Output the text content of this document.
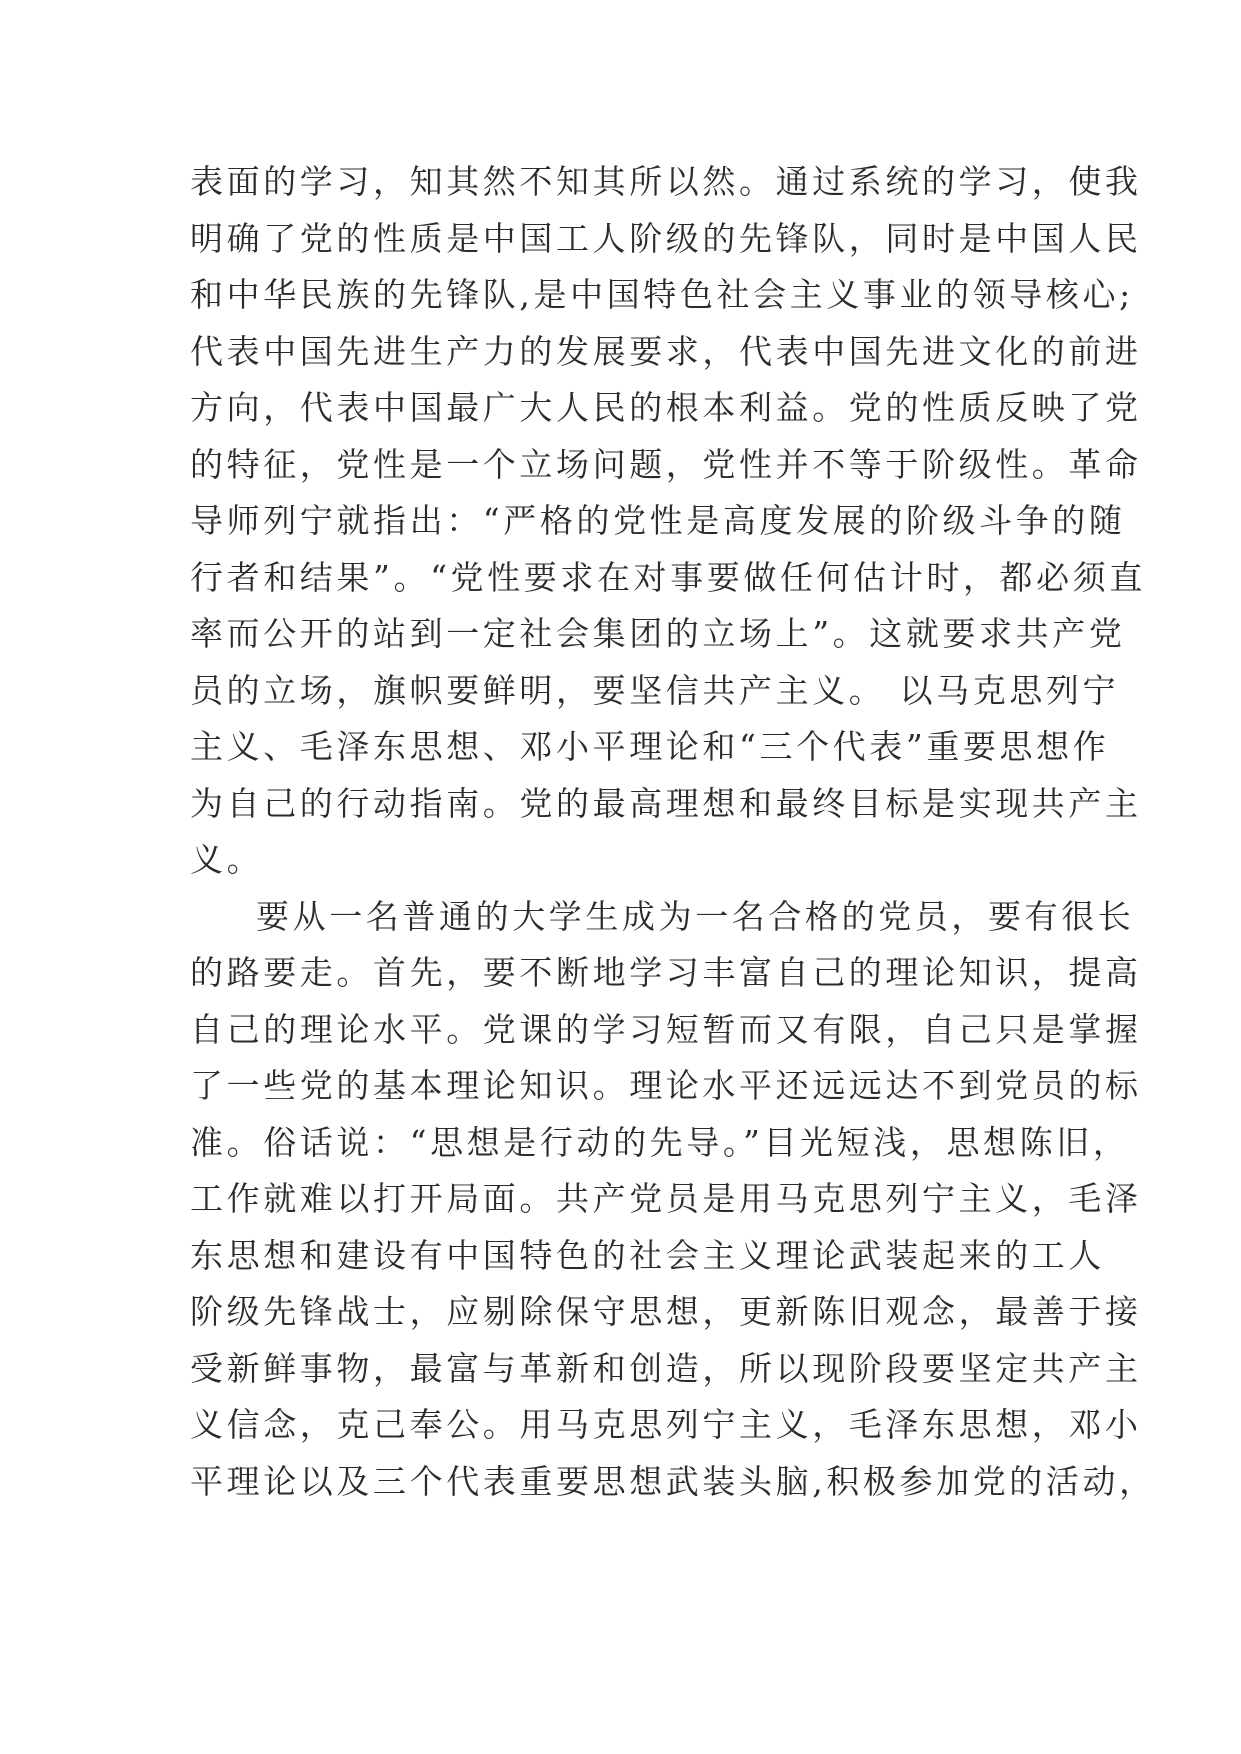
表面的学习，知其然不知其所以然。通过系统的学习，使我
明确了党的性质是中国工人阶级的先锋队，同时是中国人民
和中华民族的先锋队,是中国特色社会主义事业的领导核心;
代表中国先进生产力的发展要求，代表中国先进文化的前进
方向，代表中国最广大人民的根本利益。党的性质反映了党
的特征，党性是一个立场问题，党性并不等于阶级性。革命
导师列宁就指出：“严格的党性是高度发展的阶级斗争的随
行者和结果”。“党性要求在对事要做任何估计时，都必须直
率而公开的站到一定社会集团的立场上”。这就要求共产党
员的立场，旗帜要鲜明，要坚信共产主义。 以马克思列宁
主义、毛泽东思想、邓小平理论和“三个代表”重要思想作
为自己的行动指南。党的最高理想和最终目标是实现共产主
义。
要从一名普通的大学生成为一名合格的党员，要有很长
的路要走。首先，要不断地学习丰富自己的理论知识，提高
自己的理论水平。党课的学习短暂而又有限，自己只是掌握
了一些党的基本理论知识。理论水平还远远达不到党员的标
准。俗话说：“思想是行动的先导。”目光短浅，思想陈旧，
工作就难以打开局面。共产党员是用马克思列宁主义，毛泽
东思想和建设有中国特色的社会主义理论武装起来的工人
阶级先锋战士，应剔除保守思想，更新陈旧观念，最善于接
受新鲜事物，最富与革新和创造，所以现阶段要坚定共产主
义信念，克己奉公。用马克思列宁主义，毛泽东思想，邓小
平理论以及三个代表重要思想武装头脑,积极参加党的活动，
